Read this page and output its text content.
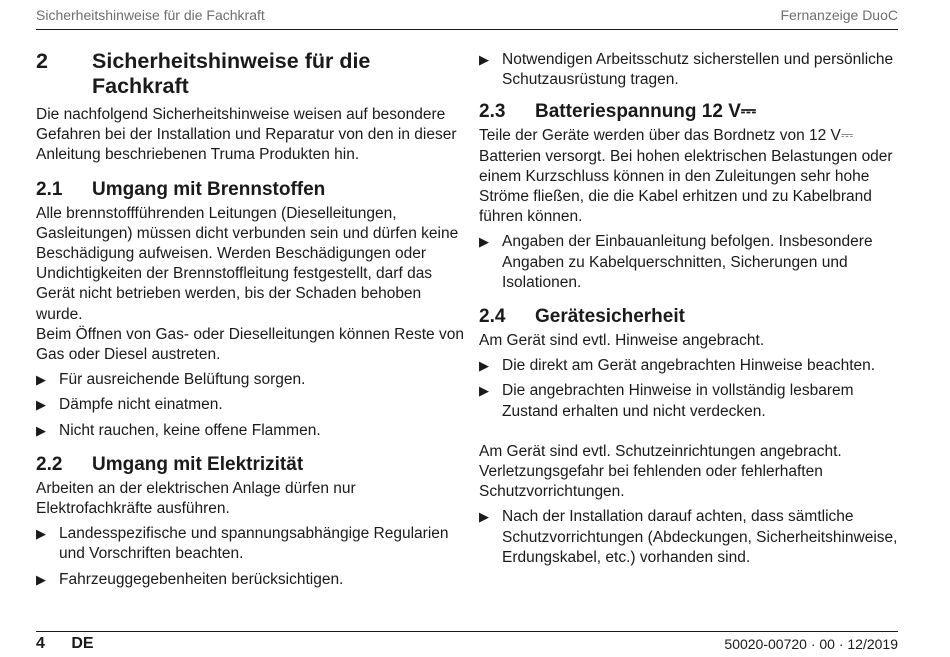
Sicherheitshinweise für die Fachkraft	Fernanzeige DuoC
2	Sicherheitshinweise für die Fachkraft

Die nachfolgend Sicherheitshinweise weisen auf besondere Gefahren bei der Installation und Reparatur von den in dieser Anleitung beschriebenen Truma Produkten hin.

2.1	Umgang mit Brennstoffen

Alle brennstoffführenden Leitungen (Dieselleitungen, Gasleitungen) müssen dicht verbunden sein und dürfen keine Beschädigung aufweisen. Werden Beschädigungen oder Undichtigkeiten der Brennstoffleitung festgestellt, darf das Gerät nicht betrieben werden, bis der Schaden behoben wurde.

Beim Öffnen von Gas- oder Dieselleitungen können Reste von Gas oder Diesel austreten.

▶ Für ausreichende Belüftung sorgen.
▶ Dämpfe nicht einatmen.
▶ Nicht rauchen, keine offene Flammen.
2.2	Umgang mit Elektrizität

Arbeiten an der elektrischen Anlage dürfen nur Elektrofachkräfte ausführen.

▶ Landesspezifische und spannungsabhängige Regularien und Vorschriften beachten.
▶ Fahrzeuggegebenheiten berücksichtigen.
▶ Notwendigen Arbeitsschutz sicherstellen und persönliche Schutzausrüstung tragen.
2.3	Batteriespannung 12 V⎓

Teile der Geräte werden über das Bordnetz von 12 V⎓ Batterien versorgt. Bei hohen elektrischen Belastungen oder einem Kurzschluss können in den Zuleitungen sehr hohe Ströme fließen, die die Kabel erhitzen und zu Kabelbrand führen können.

▶ Angaben der Einbauanleitung befolgen. Insbesondere Angaben zu Kabelquerschnitten, Sicherungen und Isolationen.
2.4	Gerätesicherheit

Am Gerät sind evtl. Hinweise angebracht.

▶ Die direkt am Gerät angebrachten Hinweise beachten.
▶ Die angebrachten Hinweise in vollständig lesbarem Zustand erhalten und nicht verdecken.

Am Gerät sind evtl. Schutzeinrichtungen angebracht. Verletzungsgefahr bei fehlenden oder fehlerhaften Schutzvorrichtungen.

▶ Nach der Installation darauf achten, dass sämtliche Schutzvorrichtungen (Abdeckungen, Sicherheitshinweise, Erdungskabel, etc.) vorhanden sind.
4 DE	50020-00720 · 00 · 12/2019
